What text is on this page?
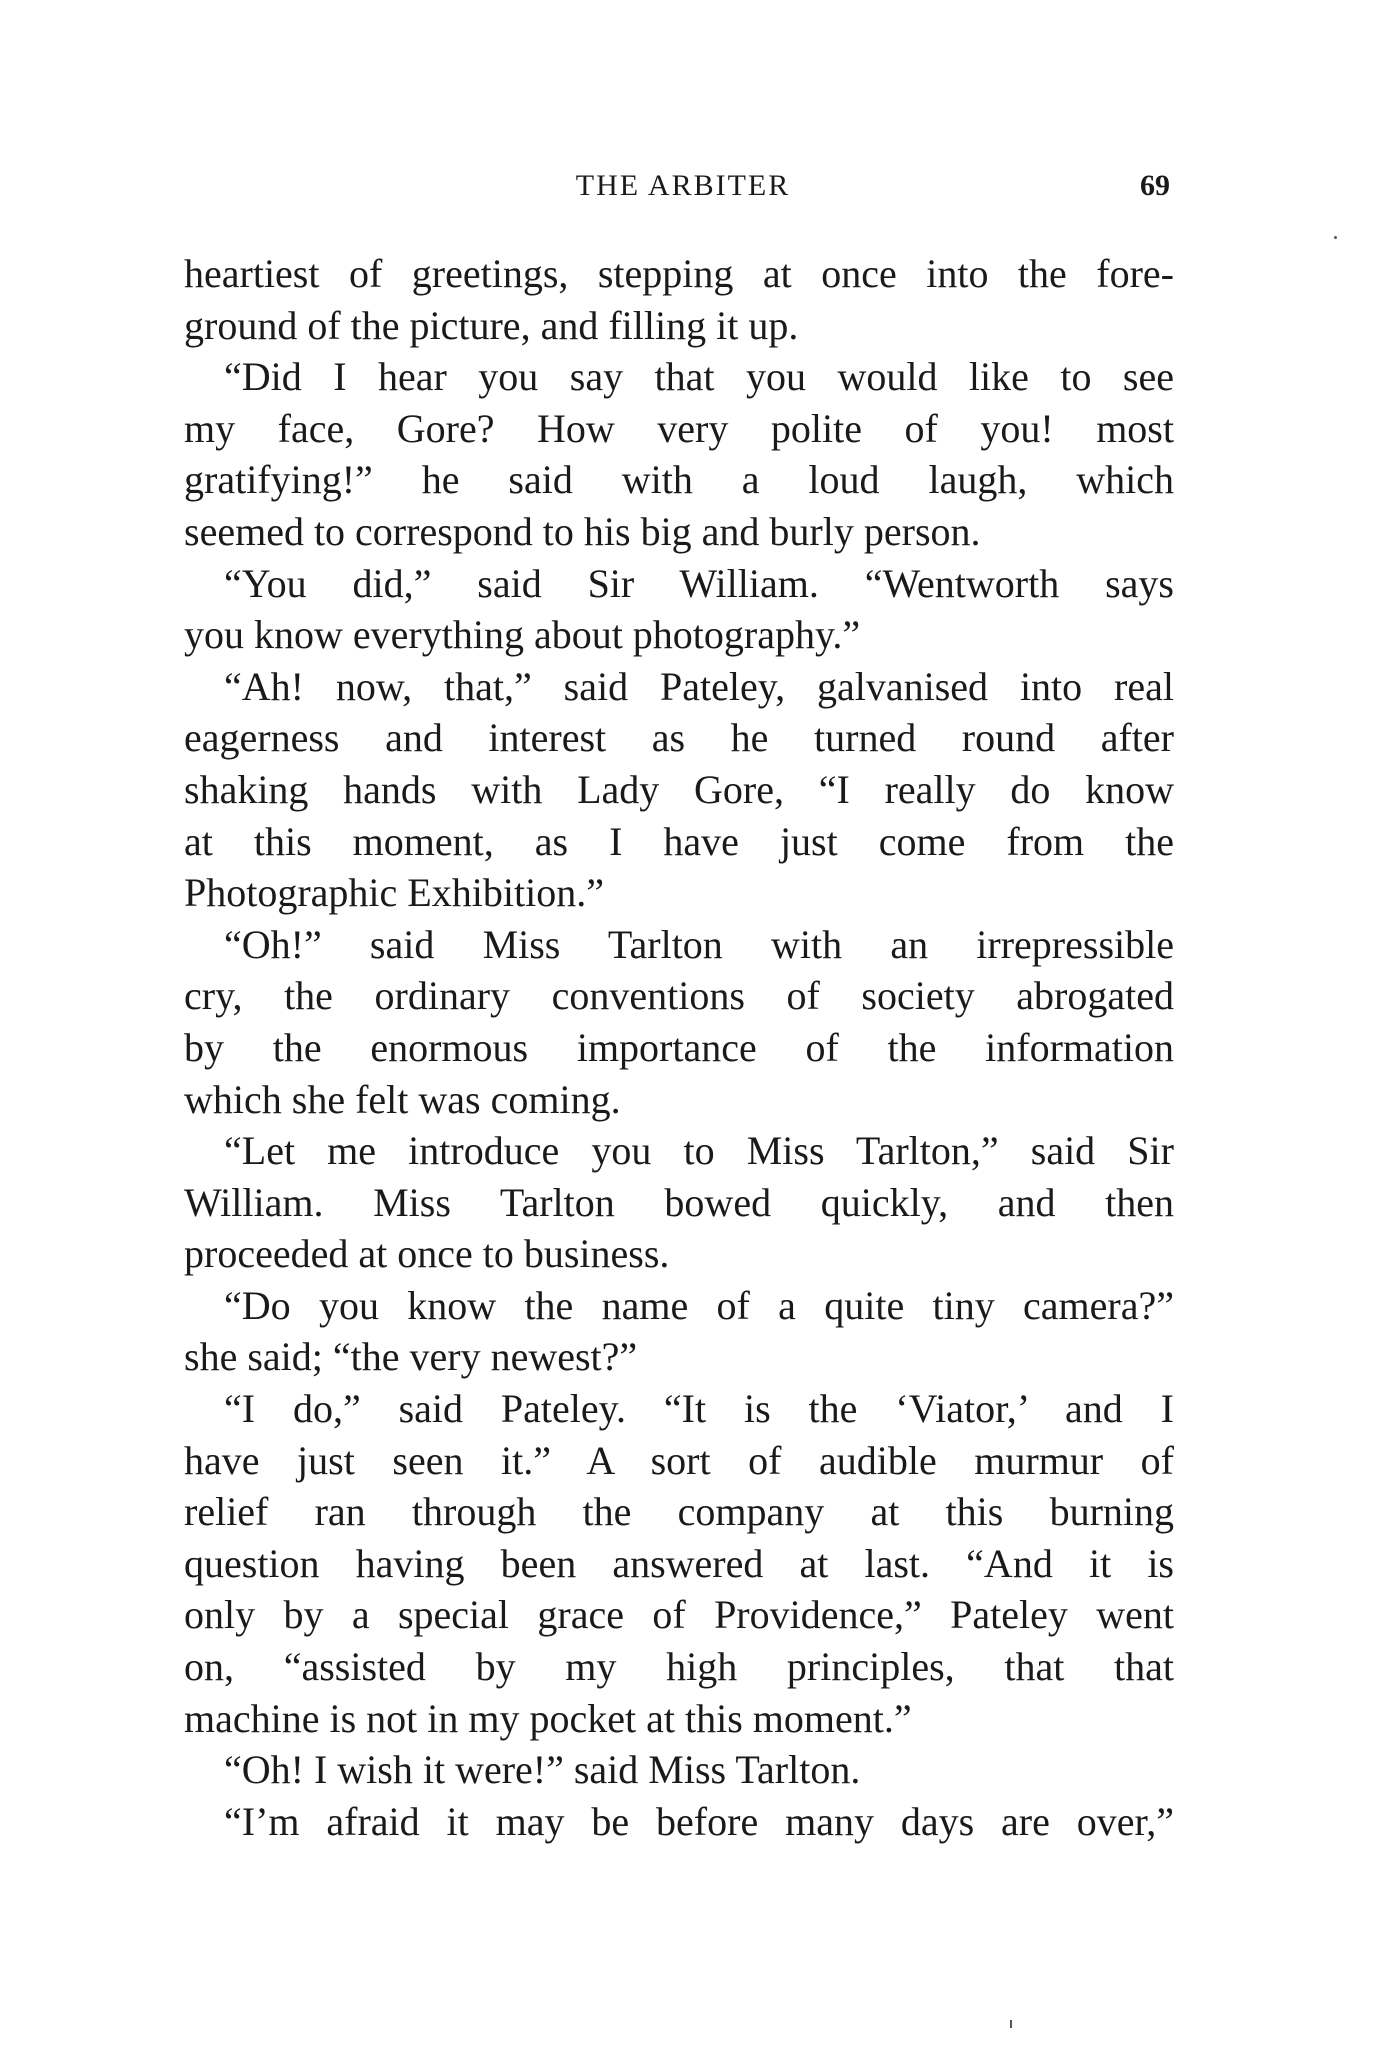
THE ARBITER	69
heartiest of greetings, stepping at once into the fore-
ground of the picture, and filling it up.
“Did I hear you say that you would like to see
my face, Gore? How very polite of you! most
gratifying!” he said with a loud laugh, which
seemed to correspond to his big and burly person.
“You did,” said Sir William. “Wentworth says
you know everything about photography.”
“Ah! now, that,” said Pateley, galvanised into real
eagerness and interest as he turned round after
shaking hands with Lady Gore, “I really do know
at this moment, as I have just come from the
Photographic Exhibition.”
“Oh!” said Miss Tarlton with an irrepressible
cry, the ordinary conventions of society abrogated
by the enormous importance of the information
which she felt was coming.
“Let me introduce you to Miss Tarlton,” said Sir
William. Miss Tarlton bowed quickly, and then
proceeded at once to business.
“Do you know the name of a quite tiny camera?”
she said; “the very newest?”
“I do,” said Pateley. “It is the ‘Viator,’ and I
have just seen it.” A sort of audible murmur of
relief ran through the company at this burning
question having been answered at last. “And it is
only by a special grace of Providence,” Pateley went
on, “assisted by my high principles, that that
machine is not in my pocket at this moment.”
“Oh! I wish it were!” said Miss Tarlton.
“I’m afraid it may be before many days are over,”
